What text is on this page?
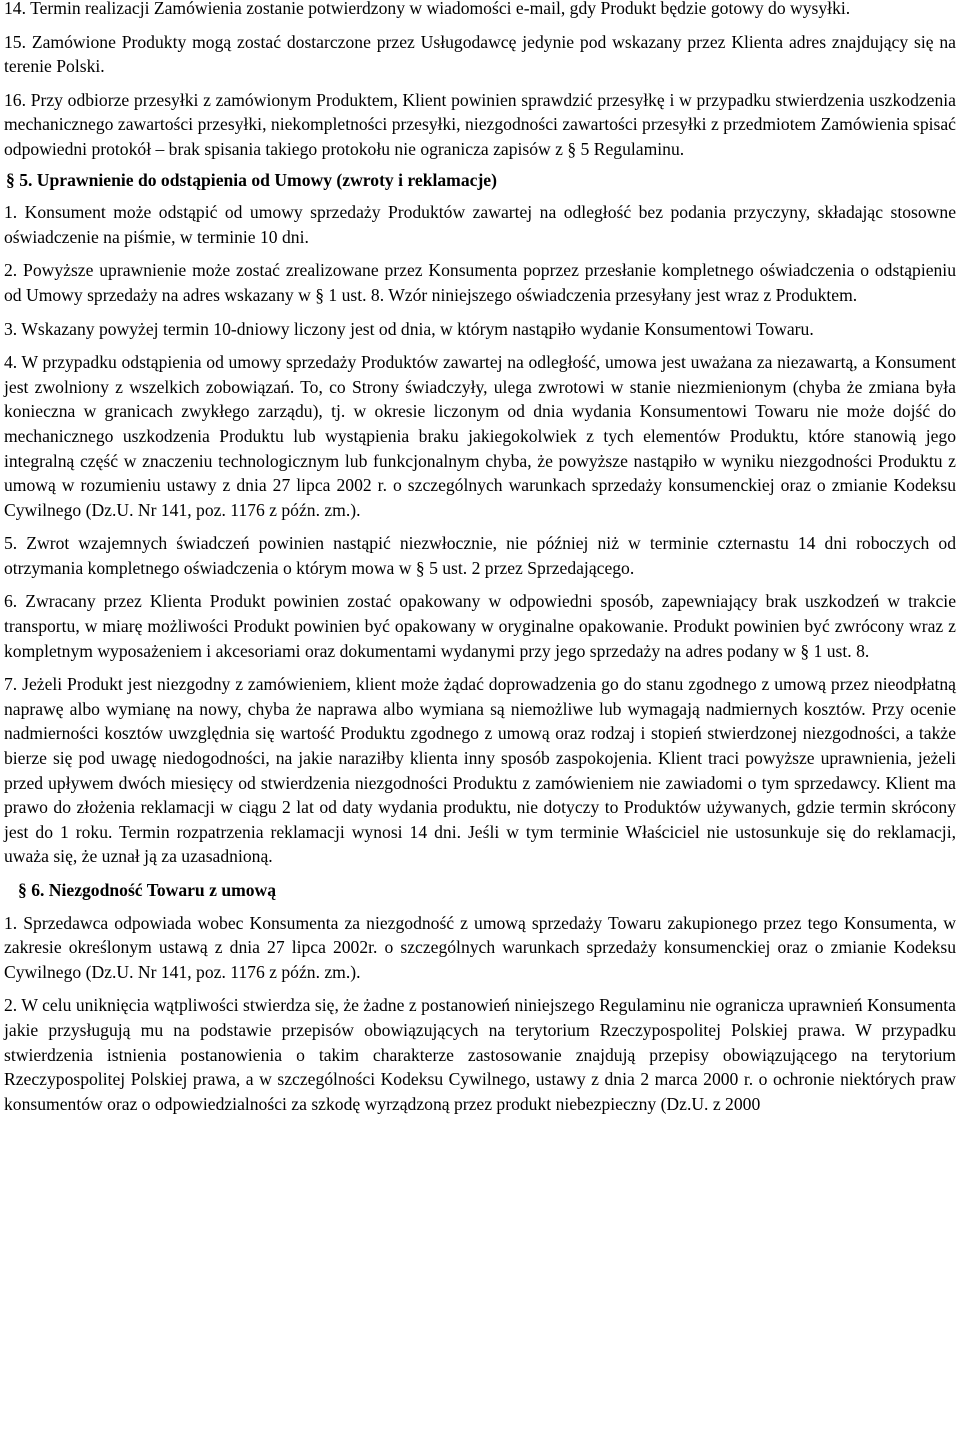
14. Termin realizacji Zamówienia zostanie potwierdzony w wiadomości e-mail, gdy Produkt będzie gotowy do wysyłki.

15. Zamówione Produkty mogą zostać dostarczone przez Usługodawcę jedynie pod wskazany przez Klienta adres znajdujący się na terenie Polski.

16. Przy odbiorze przesyłki z zamówionym Produktem, Klient powinien sprawdzić przesyłkę i w przypadku stwierdzenia uszkodzenia mechanicznego zawartości przesyłki, niekompletności przesyłki, niezgodności zawartości przesyłki z przedmiotem Zamówienia spisać odpowiedni protokół – brak spisania takiego protokołu nie ogranicza zapisów z § 5 Regulaminu.

§ 5. Uprawnienie do odstąpienia od Umowy (zwroty i reklamacje)

1. Konsument może odstąpić od umowy sprzedaży Produktów zawartej na odległość bez podania przyczyny, składając stosowne oświadczenie na piśmie, w terminie 10 dni.

2. Powyższe uprawnienie może zostać zrealizowane przez Konsumenta poprzez przesłanie kompletnego oświadczenia o odstąpieniu od Umowy sprzedaży na adres wskazany w § 1 ust. 8. Wzór niniejszego oświadczenia przesyłany jest wraz z Produktem.

3. Wskazany powyżej termin 10-dniowy liczony jest od dnia, w którym nastąpiło wydanie Konsumentowi Towaru.

4. W przypadku odstąpienia od umowy sprzedaży Produktów zawartej na odległość, umowa jest uważana za niezawartą, a Konsument jest zwolniony z wszelkich zobowiązań. To, co Strony świadczyły, ulega zwrotowi w stanie niezmienionym (chyba że zmiana była konieczna w granicach zwykłego zarządu), tj. w okresie liczonym od dnia wydania Konsumentowi Towaru nie może dojść do mechanicznego uszkodzenia Produktu lub wystąpienia braku jakiegokolwiek z tych elementów Produktu, które stanowią jego integralną część w znaczeniu technologicznym lub funkcjonalnym chyba, że powyższe nastąpiło w wyniku niezgodności Produktu z umową w rozumieniu ustawy z dnia 27 lipca 2002 r. o szczególnych warunkach sprzedaży konsumenckiej oraz o zmianie Kodeksu Cywilnego (Dz.U. Nr 141, poz. 1176 z późn. zm.).

5. Zwrot wzajemnych świadczeń powinien nastąpić niezwłocznie, nie później niż w terminie czternastu 14 dni roboczych od otrzymania kompletnego oświadczenia o którym mowa w § 5 ust. 2 przez Sprzedającego.

6. Zwracany przez Klienta Produkt powinien zostać opakowany w odpowiedni sposób, zapewniający brak uszkodzeń w trakcie transportu, w miarę możliwości Produkt powinien być opakowany w oryginalne opakowanie. Produkt powinien być zwrócony wraz z kompletnym wyposażeniem i akcesoriami oraz dokumentami wydanymi przy jego sprzedaży na adres podany w § 1 ust. 8.

7. Jeżeli Produkt jest niezgodny z zamówieniem, klient może żądać doprowadzenia go do stanu zgodnego z umową przez nieodpłatną naprawę albo wymianę na nowy, chyba że naprawa albo wymiana są niemożliwe lub wymagają nadmiernych kosztów. Przy ocenie nadmierności kosztów uwzględnia się wartość Produktu zgodnego z umową oraz rodzaj i stopień stwierdzonej niezgodności, a także bierze się pod uwagę niedogodności, na jakie naraziłby klienta inny sposób zaspokojenia. Klient traci powyższe uprawnienia, jeżeli przed upływem dwóch miesięcy od stwierdzenia niezgodności Produktu z zamówieniem nie zawiadomi o tym sprzedawcy. Klient ma prawo do złożenia reklamacji w ciągu 2 lat od daty wydania produktu, nie dotyczy to Produktów używanych, gdzie termin skrócony jest do 1 roku. Termin rozpatrzenia reklamacji wynosi 14 dni. Jeśli w tym terminie Właściciel nie ustosunkuje się do reklamacji, uważa się, że uznał ją za uzasadnioną.

§ 6. Niezgodność Towaru z umową

1. Sprzedawca odpowiada wobec Konsumenta za niezgodność z umową sprzedaży Towaru zakupionego przez tego Konsumenta, w zakresie określonym ustawą z dnia 27 lipca 2002r. o szczególnych warunkach sprzedaży konsumenckiej oraz o zmianie Kodeksu Cywilnego (Dz.U. Nr 141, poz. 1176 z późn. zm.).

2. W celu uniknięcia wątpliwości stwierdza się, że żadne z postanowień niniejszego Regulaminu nie ogranicza uprawnień Konsumenta jakie przysługują mu na podstawie przepisów obowiązujących na terytorium Rzeczypospolitej Polskiej prawa. W przypadku stwierdzenia istnienia postanowienia o takim charakterze zastosowanie znajdują przepisy obowiązującego na terytorium Rzeczypospolitej Polskiej prawa, a w szczególności Kodeksu Cywilnego, ustawy z dnia 2 marca 2000 r. o ochronie niektórych praw konsumentów oraz o odpowiedzialności za szkodę wyrządzoną przez produkt niebezpieczny (Dz.U. z 2000
